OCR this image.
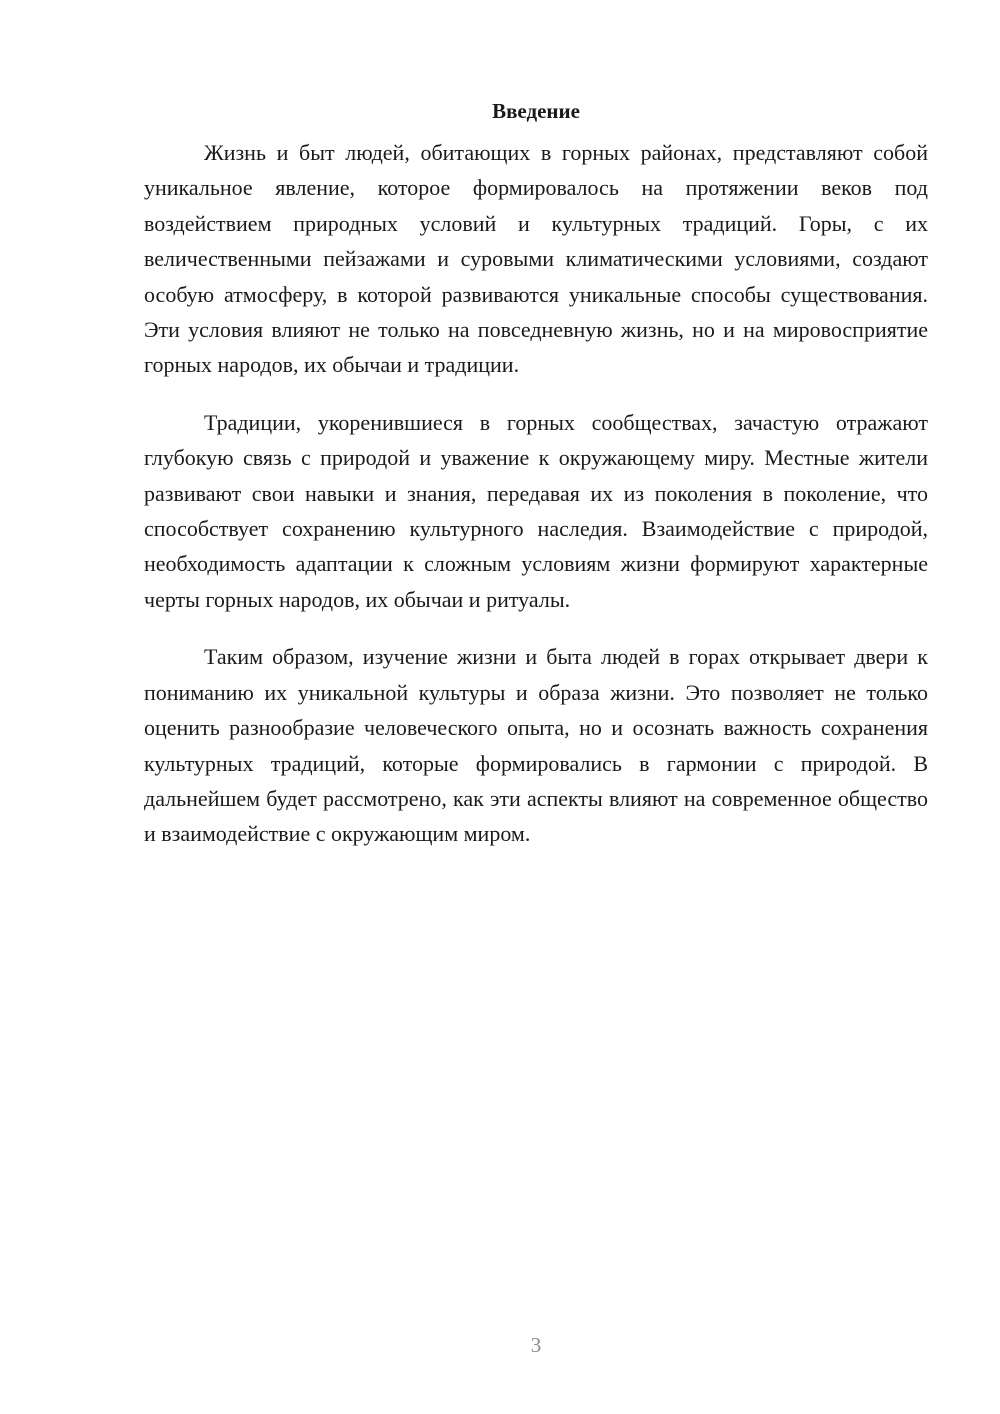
Введение

Жизнь и быт людей, обитающих в горных районах, представляют собой уникальное явление, которое формировалось на протяжении веков под воздействием природных условий и культурных традиций. Горы, с их величественными пейзажами и суровыми климатическими условиями, создают особую атмосферу, в которой развиваются уникальные способы существования. Эти условия влияют не только на повседневную жизнь, но и на мировосприятие горных народов, их обычаи и традиции.

Традиции, укоренившиеся в горных сообществах, зачастую отражают глубокую связь с природой и уважение к окружающему миру. Местные жители развивают свои навыки и знания, передавая их из поколения в поколение, что способствует сохранению культурного наследия. Взаимодействие с природой, необходимость адаптации к сложным условиям жизни формируют характерные черты горных народов, их обычаи и ритуалы.

Таким образом, изучение жизни и быта людей в горах открывает двери к пониманию их уникальной культуры и образа жизни. Это позволяет не только оценить разнообразие человеческого опыта, но и осознать важность сохранения культурных традиций, которые формировались в гармонии с природой. В дальнейшем будет рассмотрено, как эти аспекты влияют на современное общество и взаимодействие с окружающим миром.

3
